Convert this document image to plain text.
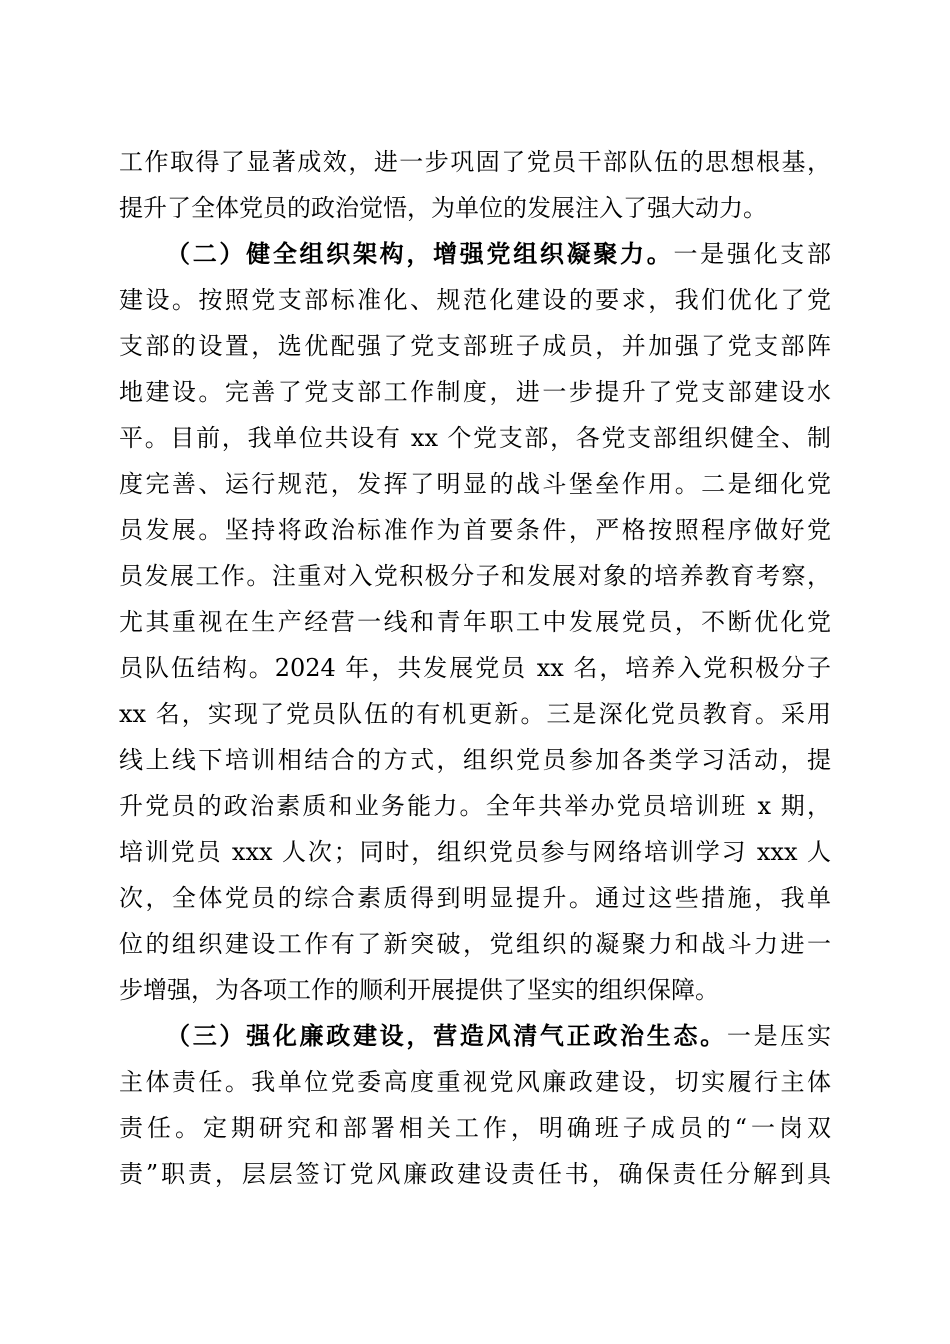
工作取得了显著成效，进一步巩固了党员干部队伍的思想根基，
提升了全体党员的政治觉悟，为单位的发展注入了强大动力。
（二）健全组织架构，增强党组织凝聚力。一是强化支部
建设。按照党支部标准化、规范化建设的要求，我们优化了党
支部的设置，选优配强了党支部班子成员，并加强了党支部阵
地建设。完善了党支部工作制度，进一步提升了党支部建设水
平。目前，我单位共设有 xx 个党支部，各党支部组织健全、制
度完善、运行规范，发挥了明显的战斗堡垒作用。二是细化党
员发展。坚持将政治标准作为首要条件，严格按照程序做好党
员发展工作。注重对入党积极分子和发展对象的培养教育考察，
尤其重视在生产经营一线和青年职工中发展党员，不断优化党
员队伍结构。2024 年，共发展党员 xx 名，培养入党积极分子
xx 名，实现了党员队伍的有机更新。三是深化党员教育。采用
线上线下培训相结合的方式，组织党员参加各类学习活动，提
升党员的政治素质和业务能力。全年共举办党员培训班 x 期，
培训党员 xxx 人次；同时，组织党员参与网络培训学习 xxx 人
次，全体党员的综合素质得到明显提升。通过这些措施，我单
位的组织建设工作有了新突破，党组织的凝聚力和战斗力进一
步增强，为各项工作的顺利开展提供了坚实的组织保障。
（三）强化廉政建设，营造风清气正政治生态。一是压实
主体责任。我单位党委高度重视党风廉政建设，切实履行主体
责任。定期研究和部署相关工作，明确班子成员的“一岗双
责”职责，层层签订党风廉政建设责任书，确保责任分解到具
